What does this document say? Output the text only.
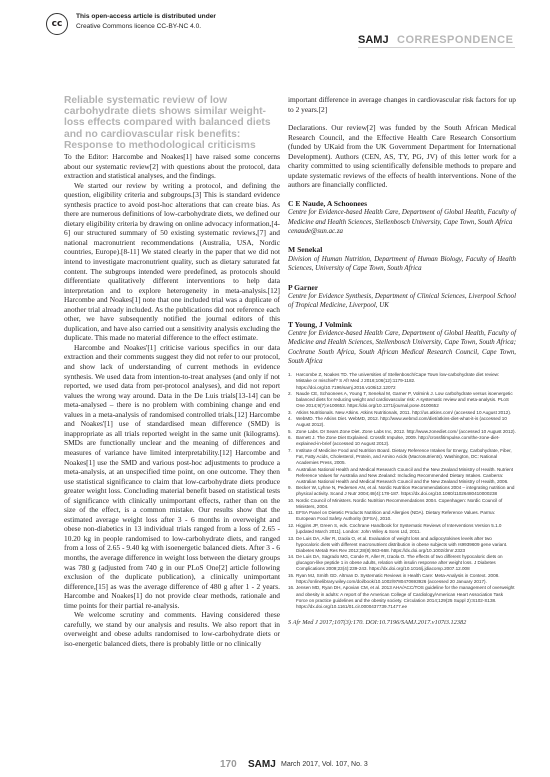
cc
This open-access article is distributed under
Creative Commons licence CC-BY-NC 4.0.
SAMJ CORRESPONDENCE
Reliable systematic review of low carbohydrate diets shows similar weight-loss effects compared with balanced diets and no cardiovascular risk benefits: Response to methodological criticisms

To the Editor: Harcombe and Noakes[1] have raised some concerns about our systematic review[2] with questions about the protocol, data extraction and statistical analyses, and the findings.

We started our review by writing a protocol, and defining the question, eligibility criteria and subgroups.[3] This is standard evidence synthesis practice to avoid post-hoc alterations that can create bias. As there are numerous definitions of low-carbohydrate diets, we defined our dietary eligibility criteria by drawing on online advocacy information,[4-6] our structured summary of 50 existing systematic reviews,[7] and national macronutrient recommendations (Australia, USA, Nordic countries, Europe).[8-11] We stated clearly in the paper that we did not intend to investigate macronutrient quality, such as dietary saturated fat content. The subgroups intended were predefined, as protocols should differentiate qualitatively different interventions to help data interpretation and to explore heterogeneity in meta-analysis.[12] Harcombe and Noakes[1] note that one included trial was a duplicate of another trial already included. As the publications did not reference each other, we have subsequently notified the journal editors of this duplication, and have also carried out a sensitivity analysis excluding the duplicate. This made no material difference to the effect estimate.

Harcombe and Noakes'[1] criticise various specifics in our data extraction and their comments suggest they did not refer to our protocol, and show lack of understanding of current methods in evidence synthesis. We used data from intention-to-treat analyses (and only if not reported, we used data from per-protocol analyses), and did not report values the wrong way around. Data in the De Luis trials[13-14] can be meta-analysed – there is no problem with combining change and end values in a meta-analysis of randomised controlled trials.[12] Harcombe and Noakes'[1] use of standardised mean difference (SMD) is inappropriate as all trials reported weight in the same unit (kilograms). SMDs are functionally unclear and the meaning of differences and measures of variance have limited interpretability.[12] Harcombe and Noakes[1] use the SMD and various post-hoc adjustments to produce a meta-analysis, at an unspecified time point, on one outcome. They then use statistical significance to claim that low-carbohydrate diets produce greater weight loss. Concluding material benefit based on statistical tests of significance with clinically unimportant effects, rather than on the size of the effect, is a common mistake. Our results show that the estimated average weight loss after 3 - 6 months in overweight and obese non-diabetics in 13 individual trials ranged from a loss of 2.65 - 10.20 kg in people randomised to low-carbohydrate diets, and ranged from a loss of 2.65 - 9.40 kg with isoenergetic balanced diets. After 3 - 6 months, the average difference in weight loss between the dietary groups was 780 g (adjusted from 740 g in our PLoS One[2] article following exclusion of the duplicate publication), a clinically unimportant difference,[15] as was the average difference of 480 g after 1 - 2 years. Harcombe and Noakes[1] do not provide clear methods, rationale and time points for their partial re-analysis.

We welcome scrutiny and comments. Having considered these carefully, we stand by our analysis and results. We also report that in overweight and obese adults randomised to low-carbohydrate diets or iso-energetic balanced diets, there is probably little or no clinically

important difference in average changes in cardiovascular risk factors for up to 2 years.[2]

Declarations. Our review[2] was funded by the South African Medical Research Council, and the Effective Health Care Research Consortium (funded by UKaid from the UK Government Department for International Development). Authors (CEN, AS, TY, PG, JV) of this letter work for a charity committed to using scientifically defensible methods to prepare and update systematic reviews of the effects of health interventions. None of the authors are financially conflicted.

C E Naude, A Schoonees
Centre for Evidence-based Health Care, Department of Global Health, Faculty of Medicine and Health Sciences, Stellenbosch University, Cape Town, South Africa
cenaude@sun.ac.za
M Senekal
Division of Human Nutrition, Department of Human Biology, Faculty of Health Sciences, University of Cape Town, South Africa
P Garner
Centre for Evidence Synthesis, Department of Clinical Sciences, Liverpool School of Tropical Medicine, Liverpool, UK
T Young, J Volmink
Centre for Evidence-based Health Care, Department of Global Health, Faculty of Medicine and Health Sciences, Stellenbosch University, Cape Town, South Africa; Cochrane South Africa, South African Medical Research Council, Cape Town, South Africa
1. Harcombe Z, Noakes TD. The universities of Stellenbosch/Cape Town low-carbohydrate diet review: Mistake or mischief? S Afr Med J 2016;106(12):1179-1182. https://doi.org/10.7196/samj.2016.v106i12.12072
2. Naude CE, Schoonees A, Young T, Senekal M, Garner P, Volmink J. Low carbohydrate versus isoenergetic balanced diets for reducing weight and cardiovascular risk: A systematic review and meta-analysis. PLoS One 2014;9(7):e100652. https://doi.org/10.1371/journal.pone.0100652
3. Atkins Nutritionals. New Atkins. Atkins Nutritionals, 2011. http://us.atkins.com/ (accessed 10 August 2012).
4. WebMD. The Atkins Diet. WebMD, 2012. http://www.webmd.com/diet/atkins-diet-what-it-is (accessed 10 August 2012).
5. Zone Labs. Dr Sears Zone Diet. Zone Labs Inc, 2012. http://www.zonediet.com/ (accessed 10 August 2012).
6. Barnett J. The Zone Diet Explained. Crossfit Impulse, 2009. http://crossfitimpulse.com/the-zone-diet-explained-in-brief (accessed 10 August 2012).
7. Institute of Medicine Food and Nutrition Board. Dietary Reference Intakes for Energy, Carbohydrate, Fiber, Fat, Fatty Acids, Cholesterol, Protein, and Amino Acids (Macronutrients). Washington, DC: National Academies Press, 2005.
8. Australian National Health and Medical Research Council and the New Zealand Ministry of Health. Nutrient Reference Values for Australia and New Zealand: Including Recommended Dietary Intakes. Canberra: Australian National Health and Medical Research Council and the New Zealand Ministry of Health, 2006.
9. Becker W, Lyhne N, Pedersen AN, et al. Nordic Nutrition Recommendations 2004 – integrating nutrition and physical activity. Scand J Nutr 2004;48(4):178-187. https://dx.doi.org/10.1080/11026480410000238
10. Nordic Council of Ministers. Nordic Nutrition Recommendations 2004. Copenhagen: Nordic Council of Ministers, 2004.
11. EFSA Panel on Dietetic Products Nutrition and Allergies (NDA). Dietary Reference Values. Parma: European Food Safety Authority (EFSA), 2010.
12. Higgins JP, Green S, eds. Cochrane Handbook for Systematic Reviews of Interventions Version 5.1.0 [updated March 2011]. London: John Wiley & Sons Ltd, 2011.
13. De Luis DA, Aller R, Izaola O, et al. Evaluation of weight loss and adipocytokines levels after two hypocaloric diets with different macronutrient distribution in obese subjects with rs9939609 gene variant. Diabetes Metab Res Rev 2012;28(8):663-668. https://dx.doi.org/10.1002/dmrr.2323
14. De Luis DA, Sagrado MG, Conde R, Aller R, Izaola O. The effects of two different hypocaloric diets on glucagon-like peptide 1 in obese adults, relation with insulin response after weight loss. J Diabetes Complications 2009;23(4):239-243. https://dx.doi.org/10.1016/j.jdiacomp.2007.12.008
15. Ryan MJ, Smith GD. Altman D. Systematic Reviews in Health Care: Meta-Analysis in Context. 2008. https://onlinelibrary.wiley.com/doi/book/10.1002/9780470693926 (accessed 20 January 2017).
16. Jensen MD, Ryan DH, Apovian CM, et al. 2013 AHA/ACC/TOS guideline for the management of overweight and obesity in adults: A report of the American College of Cardiology/American Heart Association Task Force on practice guidelines and the obesity society. Circulation 2014;129(25 Suppl 2):S102-S138. https://dx.doi.org/10.1161/01.cir.0000437739.71477.ee
S Afr Med J 2017;107(3):170. DOI:10.7196/SAMJ.2017.v107i3.12382
170 SAMJ March 2017, Vol. 107, No. 3
